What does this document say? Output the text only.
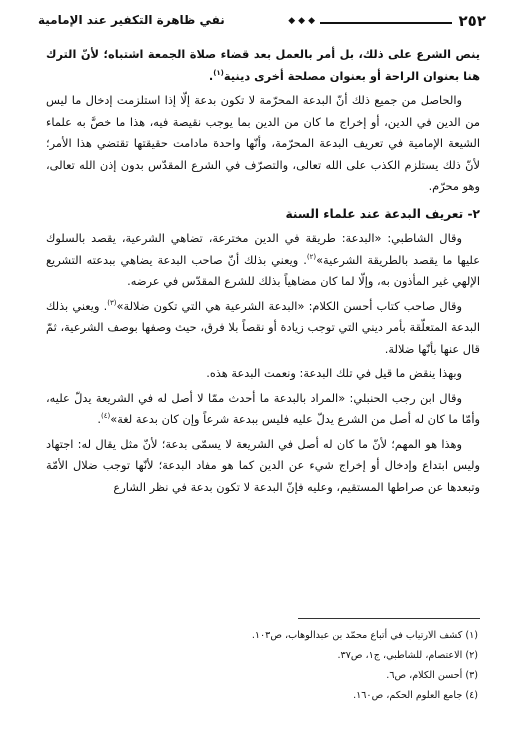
٢٥٢
◆◆◆
نفي ظاهرة التكفير عند الإمامية

ينص الشرع على ذلك، بل أمر بالعمل بعد قضاء صلاة الجمعة اشتباه؛ لأنّ الترك هنا بعنوان الراحة أو بعنوان مصلحة أخرى دينية$^{(١)}$.

والحاصل من جميع ذلك أنّ البدعة المحرّمة لا تكون بدعة إلّا إذا استلزمت إدخال ما ليس من الدين في الدين، أو إخراج ما كان من الدين بما يوجب نقيصة فيه، هذا ما خصَّ به علماء الشيعة الإمامية في تعريف البدعة المحرّمة، وأنّها واحدة مادامت حقيقتها تقتضي هذا الأمر؛ لأنّ ذلك يستلزم الكذب على الله تعالى، والتصرّف في الشرع المقدّس بدون إذن الله تعالى، وهو محرّم.

٢- تعريف البدعة عند علماء السنة

وقال الشاطبي: «البدعة: طريقة في الدين مخترعة، تضاهي الشرعية، يقصد بالسلوك عليها ما يقصد بالطريقة الشرعية»$^{(٢)}$. ويعني بذلك أنّ صاحب البدعة يضاهي ببدعته التشريع الإلهي غير المأذون به، وإلّا لما كان مضاهياً بذلك للشرع المقدّس في عرضه.

وقال صاحب كتاب أحسن الكلام: «البدعة الشرعية هي التي تكون ضلالة»$^{(٣)}$. ويعني بذلك البدعة المتعلّقة بأمر ديني التي توجب زيادة أو نقصاً بلا فرق، حيث وصفها بوصف الشرعية، ثمّ قال عنها بأنّها ضلالة.

وبهذا ينقض ما قيل في تلك البدعة: ونعمت البدعة هذه.

وقال ابن رجب الحنبلي: «المراد بالبدعة ما أحدث ممّا لا أصل له في الشريعة يدلّ عليه، وأمّا ما كان له أصل من الشرع يدلّ عليه فليس ببدعة شرعاً وإن كان بدعة لغة»$^{(٤)}$.

وهذا هو المهم؛ لأنّ ما كان له أصل في الشريعة لا يسمّى بدعة؛ لأنّ مثل يقال له: اجتهاد وليس ابتداع وإدخال أو إخراج شيء عن الدين كما هو مفاد البدعة؛ لأنّها توجب ضلال الأمّة وتبعدها عن صراطها المستقيم، وعليه فإنّ البدعة لا تكون بدعة في نظر الشارع

(١) كشف الارتياب في أتباع محمّد بن عبدالوهاب، ص١٠٣.
(٢) الاعتصام، للشاطبي، ج١، ص٣٧.
(٣) أحسن الكلام، ص٦.
(٤) جامع العلوم الحكم، ص١٦٠.
